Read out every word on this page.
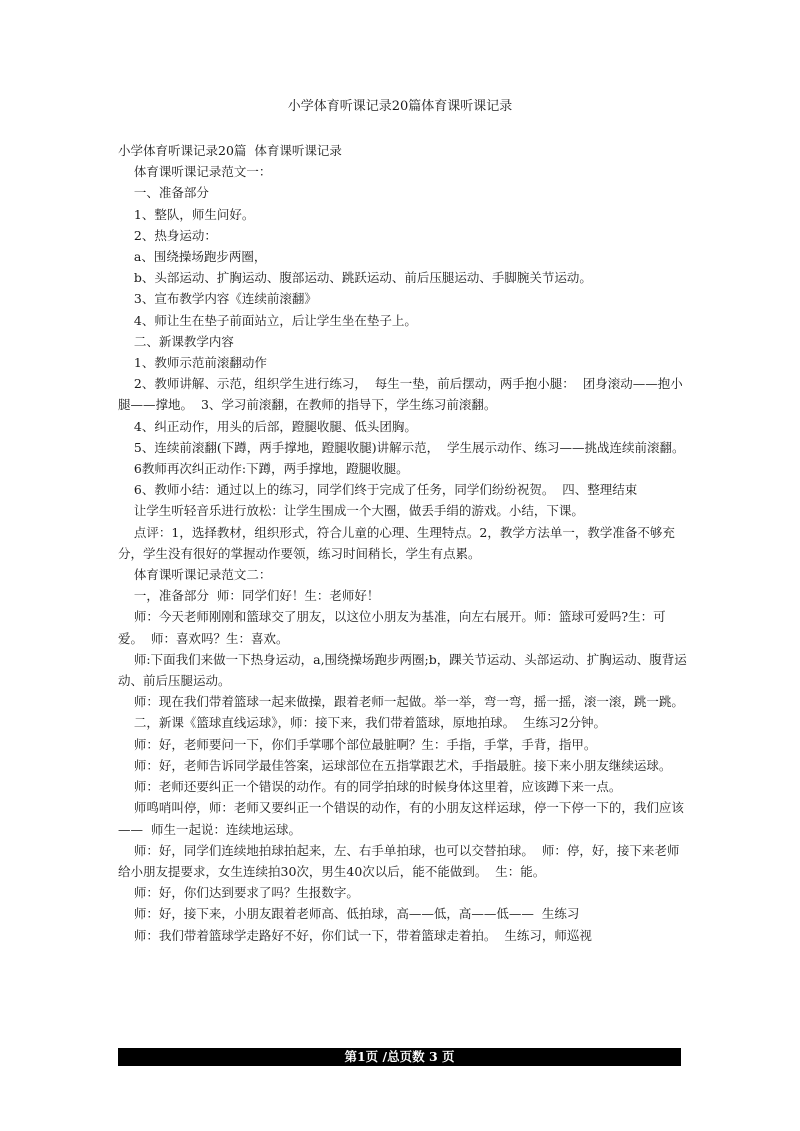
小学体育听课记录20篇体育课听课记录

小学体育听课记录20篇  体育课听课记录

体育课听课记录范文一：

一、准备部分

1、整队，师生问好。

2、热身运动：

a、围绕操场跑步两圈，

b、头部运动、扩胸运动、腹部运动、跳跃运动、前后压腿运动、手脚腕关节运动。

3、宣布教学内容《连续前滚翻》

4、师让生在垫子前面站立，后让学生坐在垫子上。

二、新课教学内容

1、教师示范前滚翻动作

2、教师讲解、示范，组织学生进行练习，  每生一垫，前后摆动，两手抱小腿：  团身滚动——抱小腿——撑地。  3、学习前滚翻，在教师的指导下，学生练习前滚翻。

4、纠正动作，用头的后部，蹬腿收腿、低头团胸。

5、连续前滚翻(下蹲，两手撑地，蹬腿收腿)讲解示范，  学生展示动作、练习——挑战连续前滚翻。

6教师再次纠正动作:下蹲，两手撑地，蹬腿收腿。

6、教师小结：通过以上的练习，同学们终于完成了任务，同学们纷纷祝贺。  四、整理结束

让学生听轻音乐进行放松：让学生围成一个大圈，做丢手绢的游戏。小结，下课。

点评：1，选择教材，组织形式，符合儿童的心理、生理特点。2，教学方法单一，教学准备不够充分，学生没有很好的掌握动作要领，练习时间稍长，学生有点累。

体育课听课记录范文二：

一，准备部分  师：同学们好！生：老师好！

师：今天老师刚刚和篮球交了朋友，以这位小朋友为基准，向左右展开。师：篮球可爱吗?生：可爱。  师：喜欢吗？生：喜欢。

师:下面我们来做一下热身运动，a,围绕操场跑步两圈;b，踝关节运动、头部运动、扩胸运动、腹背运动、前后压腿运动。

师：现在我们带着篮球一起来做操，跟着老师一起做。举一举，弯一弯，摇一摇，滚一滚，跳一跳。

二，新课《篮球直线运球》，师：接下来，我们带着篮球，原地拍球。  生练习2分钟。

师：好，老师要问一下，你们手掌哪个部位最脏啊？生：手指，手掌，手背，指甲。

师：好，老师告诉同学最佳答案，运球部位在五指掌跟艺术，手指最脏。接下来小朋友继续运球。

师：老师还要纠正一个错误的动作。有的同学拍球的时候身体这里着，应该蹲下来一点。

师鸣哨叫停，师：老师又要纠正一个错误的动作，有的小朋友这样运球，停一下停一下的，我们应该——  师生一起说：连续地运球。

师：好，同学们连续地拍球拍起来，左、右手单拍球，也可以交替拍球。  师：停，好，接下来老师给小朋友提要求，女生连续拍30次，男生40次以后，能不能做到。  生：能。

师：好，你们达到要求了吗？生报数字。

师：好，接下来，小朋友跟着老师高、低拍球，高——低，高——低——  生练习

师：我们带着篮球学走路好不好，你们试一下，带着篮球走着拍。  生练习，师巡视

第1页 /总页数 3 页
